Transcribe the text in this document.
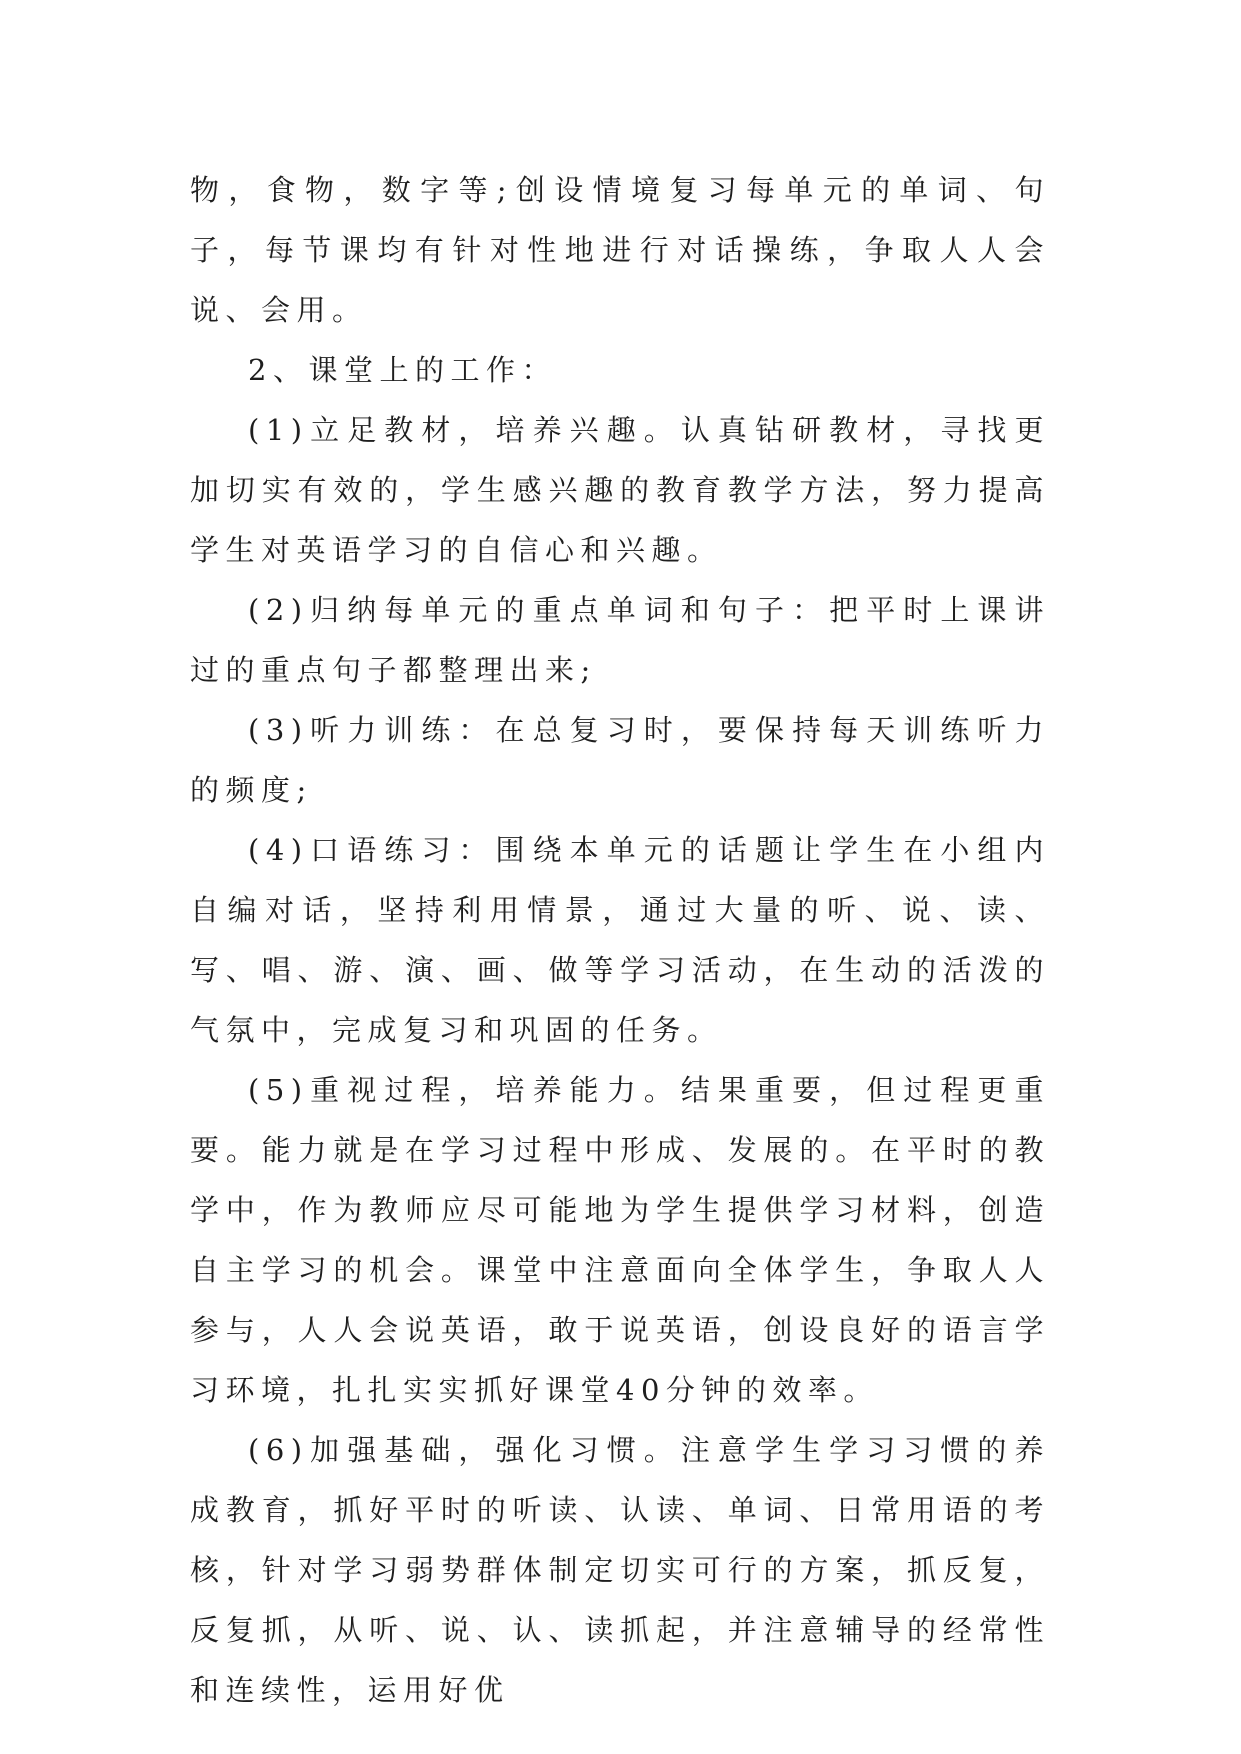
物，食物，数字等;创设情境复习每单元的单词、句子，每节课均有针对性地进行对话操练，争取人人会说、会用。

2、课堂上的工作：

(1)立足教材，培养兴趣。认真钻研教材，寻找更加切实有效的，学生感兴趣的教育教学方法，努力提高学生对英语学习的自信心和兴趣。

(2)归纳每单元的重点单词和句子：把平时上课讲过的重点句子都整理出来;

(3)听力训练：在总复习时，要保持每天训练听力的频度;

(4)口语练习：围绕本单元的话题让学生在小组内自编对话，坚持利用情景，通过大量的听、说、读、写、唱、游、演、画、做等学习活动，在生动的活泼的气氛中，完成复习和巩固的任务。

(5)重视过程，培养能力。结果重要，但过程更重要。能力就是在学习过程中形成、发展的。在平时的教学中，作为教师应尽可能地为学生提供学习材料，创造自主学习的机会。课堂中注意面向全体学生，争取人人参与，人人会说英语，敢于说英语，创设良好的语言学习环境，扎扎实实抓好课堂40分钟的效率。

(6)加强基础，强化习惯。注意学生学习习惯的养成教育，抓好平时的听读、认读、单词、日常用语的考核，针对学习弱势群体制定切实可行的方案，抓反复，反复抓，从听、说、认、读抓起，并注意辅导的经常性和连续性，运用好优
